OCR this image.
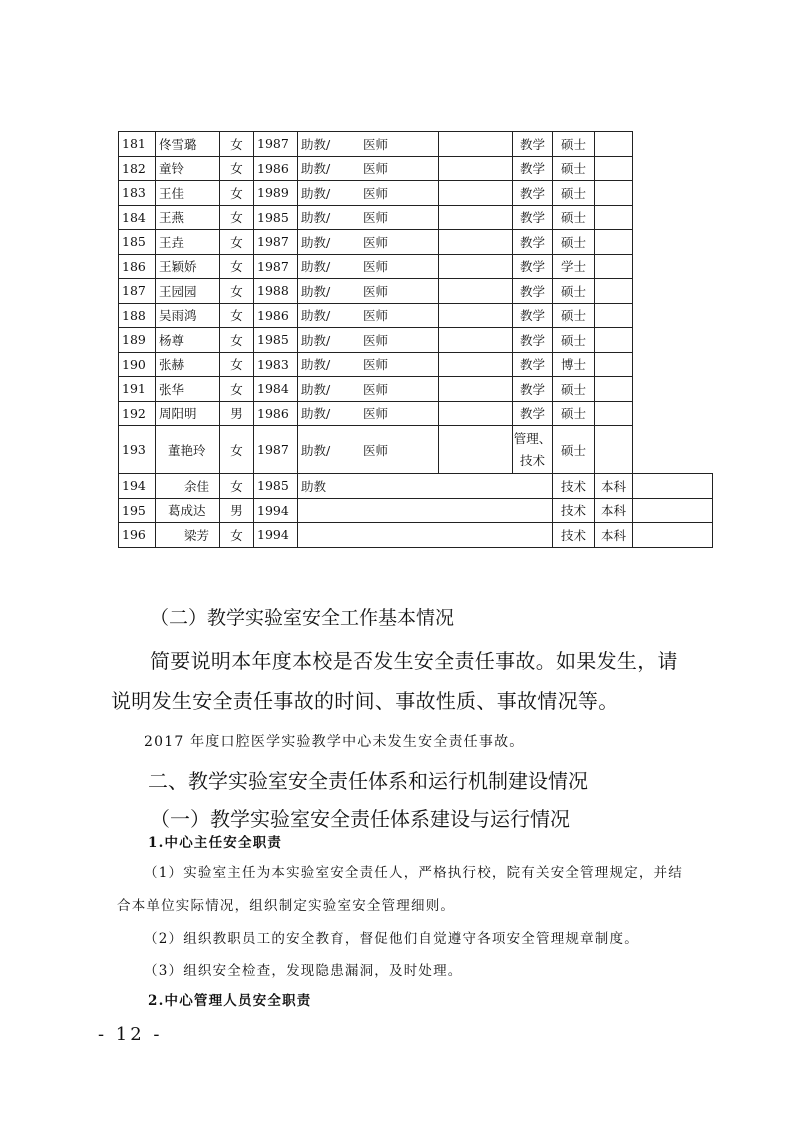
181	佟雪璐	女	1987	助教/ 医师		教学	硕士		
182	童铃	女	1986	助教/ 医师		教学	硕士		
183	王佳	女	1989	助教/ 医师		教学	硕士		
184	王燕	女	1985	助教/ 医师		教学	硕士		
185	王垚	女	1987	助教/ 医师		教学	硕士		
186	王颖娇	女	1987	助教/ 医师		教学	学士		
187	王园园	女	1988	助教/ 医师		教学	硕士		
188	吴雨鸿	女	1986	助教/ 医师		教学	硕士		
189	杨尊	女	1985	助教/ 医师		教学	硕士		
190	张赫	女	1983	助教/ 医师		教学	博士		
191	张华	女	1984	助教/ 医师		教学	硕士		
192	周阳明	男	1986	助教/ 医师		教学	硕士		
193	董艳玲	女	1987	助教/ 医师		管理、
技术	硕士		
194	余佳	女	1985	助教			技术	本科	
195	葛成达	男	1994				技术	本科	
196	梁芳	女	1994				技术	本科	
（二）教学实验室安全工作基本情况
简要说明本年度本校是否发生安全责任事故。如果发生，请
说明发生安全责任事故的时间、事故性质、事故情况等。
2017 年度口腔医学实验教学中心未发生安全责任事故。
二、教学实验室安全责任体系和运行机制建设情况
（一）教学实验室安全责任体系建设与运行情况
1.中心主任安全职责
（1）实验室主任为本实验室安全责任人，严格执行校，院有关安全管理规定，并结
合本单位实际情况，组织制定实验室安全管理细则。
（2）组织教职员工的安全教育，督促他们自觉遵守各项安全管理规章制度。
（3）组织安全检查，发现隐患漏洞，及时处理。
2.中心管理人员安全职责
- 12 -
